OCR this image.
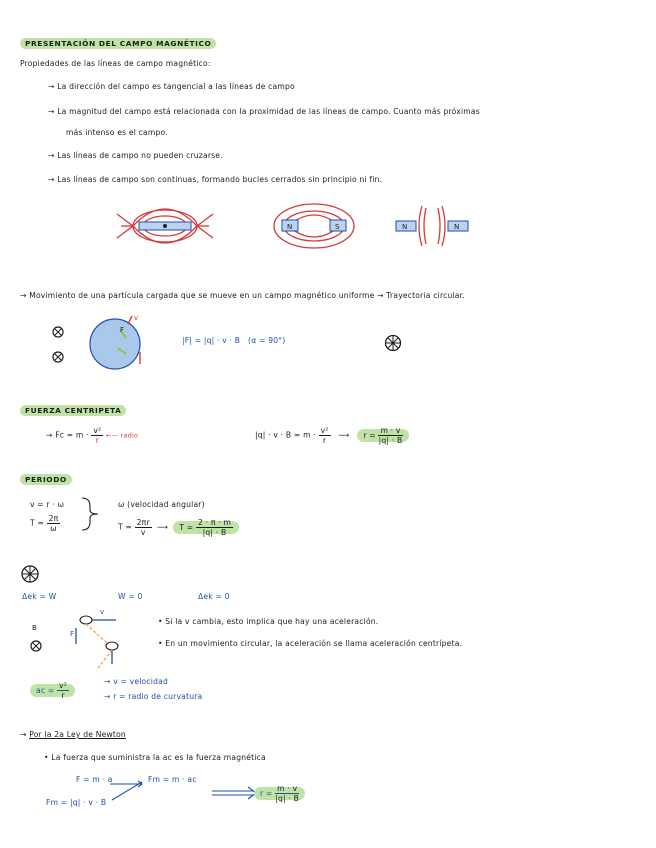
PRESENTACIÓN DEL CAMPO MAGNÉTICO
Propiedades de las líneas de campo magnético:
→ La dirección del campo es tangencial a las líneas de campo
→ La magnitud del campo está relacionada con la proximidad de las líneas de campo. Cuanto más próximas
más intenso es el campo.
→ Las líneas de campo no pueden cruzarse.
→ Las líneas de campo son continuas, formando bucles cerrados sin principio ni fin.
N	S	N	N
→ Movimiento de una partícula cargada que se mueve en un campo magnético uniforme → Trayectoria circular.
v
F
|F| = |q| · v · B (α = 90°)
FUERZA CENTRIPETA
→ $Fc = m \cdot \frac{\text{v²}}{r}$ ←— radio	$|q| \cdot v \cdot B = m \cdot \frac{\text{v²}}{r}$ ⟶   $r = \frac{m \cdot v}{|q| \cdot B}$
PERIODO
v = r · ω
$T = \frac{2\pi}{\omega}$
ω (velocidad angular)
$T = \frac{2\pi r}{v}$ ⟶  $T = \frac{2 \cdot \pi \cdot m}{|q| \cdot B}$
Δek = W	W = 0	Δek = 0
B
F
v
• Si la v cambia, esto implica que hay una aceleración.
• En un movimiento circular, la aceleración se llama aceleración centrípeta.
ac = $\frac{\text{v²}}{r}$	→ v = velocidad
→ r = radio de curvatura
→ Por la 2a Ley de Newton
• La fuerza que suministra la ac es la fuerza magnética
F = m · a	Fm = m · ac
Fm = |q| · v · B
$r = \frac{m \cdot v}{|q| \cdot B}$
